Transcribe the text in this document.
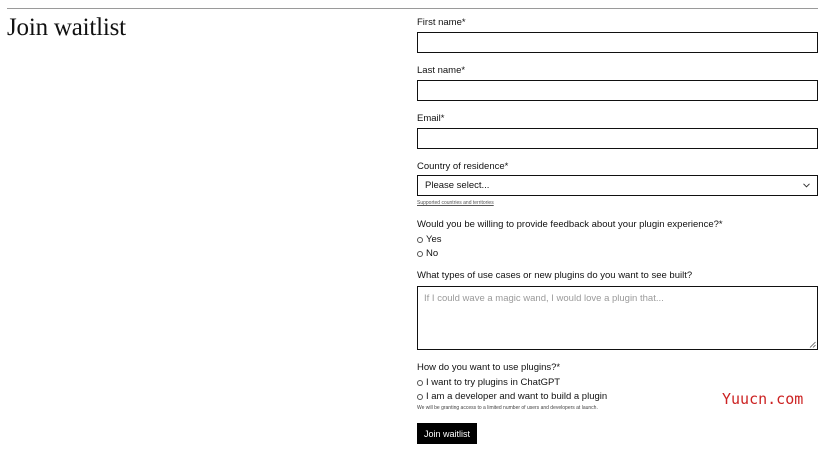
Join waitlist	First name*
Last name*
Email*
Country of residence*
Please select...
Supported countries and territories
Would you be willing to provide feedback about your plugin experience?*
Yes
No
What types of use cases or new plugins do you want to see built?
If I could wave a magic wand, I would love a plugin that...
How do you want to use plugins?*
I want to try plugins in ChatGPT
I am a developer and want to build a plugin
We will be granting access to a limited number of users and developers at launch.
Join waitlist
Yuucn.com
